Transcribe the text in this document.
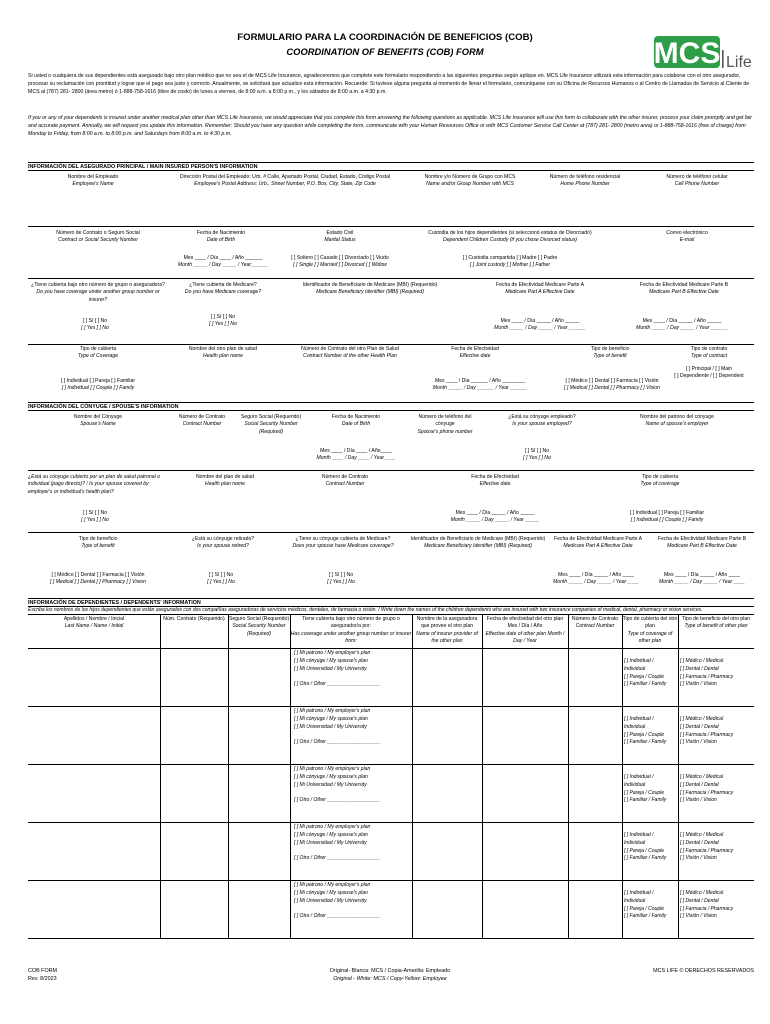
MCS Life
FORMULARIO PARA LA COORDINACIÓN DE BENEFICIOS (COB)
COORDINATION OF BENEFITS (COB) FORM
Si usted o cualquiera de sus dependientes está asegurado bajo otro plan médico que no sea el de MCS Life Insurance, agradeceremos que complete este formulario respondiendo a las siguientes preguntas según aplique en. MCS Life Insurance utilizará esta información para colaborar con el otro asegurador, procesar su reclamación con prontitud y lograr que el pago sea justo y correcto. Anualmente, se solicitará que actualice esta información. Recuerde: Si tuviese alguna pregunta al momento de llenar el formulario, comuníquese con su Oficina de Recursos Humanos o al Centro de Llamadas de Servicio al Cliente de MCS al (787) 281- 2800 (área metro) ó 1-888-758-1616 (libre de costo) de lunes a viernes, de 8:00 a.m. a 8:00 p.m., y los sábados de 8:00 a.m. a 4:30 p.m.
If you or any of your dependents is insured under another medical plan other than MCS Life Insurance, we would appreciate that you complete this form answering the following questions as applicable. MCS Life Insurance will use this form to collaborate with the other insurer, process your claim promptly and get fair and accurate payment. Annually, we will request you update this information. Remember: Should you have any question while completing the form, communicate with your Human Resources Office or with MCS Customer Service Call Center at (787) 281- 2800 (metro area) or 1-888-758-1616 (free of charge) from Monday to Friday, from 8:00 a.m. to 8:00 p.m. and Saturdays from 8:00 a.m. to 4:30 p.m.
INFORMACIÓN DEL ASEGURADO PRINCIPAL / MAIN INSURED PERSON'S INFORMATION
Nombre del Empleado
Employee's Name
Dirección Postal del Empleado: Urb. # Calle, Apartado Postal, Ciudad, Estado, Código Postal
Employee's Postal Address: Urb., Street Number, P.O. Box, City, State, Zip Code
Nombre y/o Número de Grupo con MCS
Name and/or Group Number with MCS
Número de teléfono residencial
Home Phone Number
Número de teléfono celular
Cell Phone Number
Número de Contrato o Seguro Social
Contract or Social Security Number
Fecha de Nacimiento
Date of Birth
Mes ____ / Día ____ / Año ______
Month _____ / Day _____ / Year______
Estado Civil
Marital Status
[ ] Soltero [ ] Casado [ ] Divorciado [ ] Viudo
[ ] Single [ ] Married [ ] Divorced [ ] Widow
Custodia de los hijos dependientes (si seleccionó estatus de Divorciado)
Dependent Children Custody (if you chose Divorced status)
[ ] Custodia compartida [ ] Madre [ ] Padre
[ ] Joint custody [ ] Mother [ ] Father
Correo electrónico
E-mail
¿Tiene cubierta bajo otro número de grupo o aseguradora?
Do you have coverage under another group number or insurer?
[ ] Sí [ ] No
[ ] Yes [ ] No
¿Tiene cubierta de Medicare?
Do you have Medicare coverage?
[ ] Sí [ ] No
[ ] Yes [ ] No
Identificador de Beneficiario de Medicare (MBI) (Requerido)
Medicare Beneficiary Identifier (MBI) (Required)
Fecha de Efectividad Medicare Parte A
Medicare Part A Effective Date
Mes ____ / Día _____ / Año _____
Month _____ / Day _____ / Year ______
Fecha de Efectividad Medicare Parte B
Medicare Part B Effective Date
Mes ____ / Día _____ / Año _____
Month _____ / Day _____ / Year ______
Tipo de cubierta
Type of Coverage
[ ] Individual [ ] Pareja [ ] Familiar
[ ] Individual [ ] Couple [ ] Family
Nombre del otro plan de salud
Health plan name
Número de Contrato del otro Plan de Salud
Contract Number of the other Health Plan
Fecha de Efectividad
Effective date
Mes ____ / Día ______ / Año ________
Month _____ / Day ______ / Year ______
Tipo de beneficio
Type of benefit
[ ] Médico [ ] Dental [ ] Farmacia [ ] Visión
[ ] Medical [ ] Dental [ ] Pharmacy [ ] Vision
Tipo de contrato
Type of contract
[ ] Principal / [ ] Main
[ ] Dependiente / [ ] Dependent
INFORMACIÓN DEL CÓNYUGE / SPOUSE'S INFORMATION
Nombre del Cónyuge
Spouse's Name
Número de Contrato
Contract Number
Seguro Social (Requerido)
Social Security Number (Required)
Fecha de Nacimiento
Date of Birth
Mes ____ / Día ____ / Año____
Month ____ / Day ____ / Year____
Número de teléfono del cónyuge
Spouse's phone number
¿Está su cónyuge empleado?
Is your spouse employed?
[ ] Sí [ ] No
[ ] Yes [ ] No
Nombre del patrono del cónyuge
Name of spouse's employer
¿Está su cónyuge cubierto por un plan de salud patronal o individual (pago directo)? / Is your spouse covered by employer's or individual's health plan?
[ ] Sí [ ] No
[ ] Yes [ ] No
Nombre del plan de salud
Health plan name
Número de Contrato
Contract Number
Fecha de Efectividad
Effective date
Mes ____ / Día _____ / Año _____
Month _____ / Day _____ / Year _____
Tipo de cubierta
Type of coverage
[ ] Individual [ ] Pareja [ ] Familiar
[ ] Individual [ ] Couple [ ] Family
Tipo de beneficio
Type of benefit
[ ] Médico [ ] Dental [ ] Farmacia [ ] Visión
[ ] Medical [ ] Dental [ ] Pharmacy [ ] Vision
¿Está su cónyuge retirado?
Is your spouse retired?
[ ] Sí [ ] No
[ ] Yes [ ] No
¿Tiene su cónyuge cubierta de Medicare?
Does your spouse have Medicare coverage?
[ ] Sí [ ] No
[ ] Yes [ ] No
Identificador de Beneficiario de Medicare (MBI) (Requerido)
Medicare Beneficiary Identifier (MBI) (Required)
Fecha de Efectividad Medicare Parte A
Medicare Part A Effective Date
Mes ____ / Día _____ / Año ____
Month _____ / Day _____ / Year ____
Fecha de Efectividad Medicare Parte B
Medicare Part B Effective Date
Mes ____ / Día _____ / Año ____
Month _____ / Day _____ / Year ____
INFORMACIÓN DE DEPENDIENTES / DEPENDENTS' INFORMATION
Escriba los nombres de los hijos dependientes que están asegurados con dos compañías aseguradoras de servicios médicos, dentales, de farmacia o visión. / Write down the names of the children dependents who are insured with two insurance companies of medical, dental, pharmacy or vision services.
Apellidos / Nombre / Inicial
Last Name / Name / Initial
Núm. Contrato (Requerido) Seguro Social (Requerido)
Social Security Number (Required)
Tiene cubierta bajo otro número de grupo o asegurador/a por:
Has coverage under another group number or insurer from:
Nombre de la aseguradora que provee el otro plan
Name of insurer provider of the other plan
Fecha de efectividad del otro plan Mes / Día / Año
Effective date of other plan Month / Day / Year
Número de Contrato
Contract Number
Tipo de cubierta del otro plan
Type of coverage of other plan
Tipo de beneficio del otro plan
Type of benefit of other plan
[ ] Mi patrono / My employer's plan
[ ] Mi cónyuge / My spouse's plan
[ ] Mi Universidad / My University
[ ] Otro / Other ___________________
[ ] Individual /
Individual
[ ] Pareja / Couple
[ ] Familiar / Family
[ ] Médico / Medical
[ ] Dental / Dental
[ ] Farmacia / Pharmacy
[ ] Visión / Vision
[ ] Mi patrono / My employer's plan
[ ] Mi cónyuge / My spouse's plan
[ ] Mi Universidad / My University
[ ] Otro / Other ___________________
[ ] Individual /
Individual
[ ] Pareja / Couple
[ ] Familiar / Family
[ ] Médico / Medical
[ ] Dental / Dental
[ ] Farmacia / Pharmacy
[ ] Visión / Vision
[ ] Mi patrono / My employer's plan
[ ] Mi cónyuge / My spouse's plan
[ ] Mi Universidad / My University
[ ] Otro / Other ___________________
[ ] Individual /
Individual
[ ] Pareja / Couple
[ ] Familiar / Family
[ ] Médico / Medical
[ ] Dental / Dental
[ ] Farmacia / Pharmacy
[ ] Visión / Vision
[ ] Mi patrono / My employer's plan
[ ] Mi cónyuge / My spouse's plan
[ ] Mi Universidad / My University
[ ] Otro / Other ___________________
[ ] Individual /
Individual
[ ] Pareja / Couple
[ ] Familiar / Family
[ ] Médico / Medical
[ ] Dental / Dental
[ ] Farmacia / Pharmacy
[ ] Visión / Vision
[ ] Mi patrono / My employer's plan
[ ] Mi cónyuge / My spouse's plan
[ ] Mi Universidad / My University
[ ] Otro / Other ___________________
[ ] Individual /
Individual
[ ] Pareja / Couple
[ ] Familiar / Family
[ ] Médico / Medical
[ ] Dental / Dental
[ ] Farmacia / Pharmacy
[ ] Visión / Vision
COB FORM
Rev. 8/2023
Original- Blanca: MCS / Copia-Amarilla: Empleado
Original - White: MCS / Copy-Yellow: Employee
MCS LIFE © DERECHOS RESERVADOS
